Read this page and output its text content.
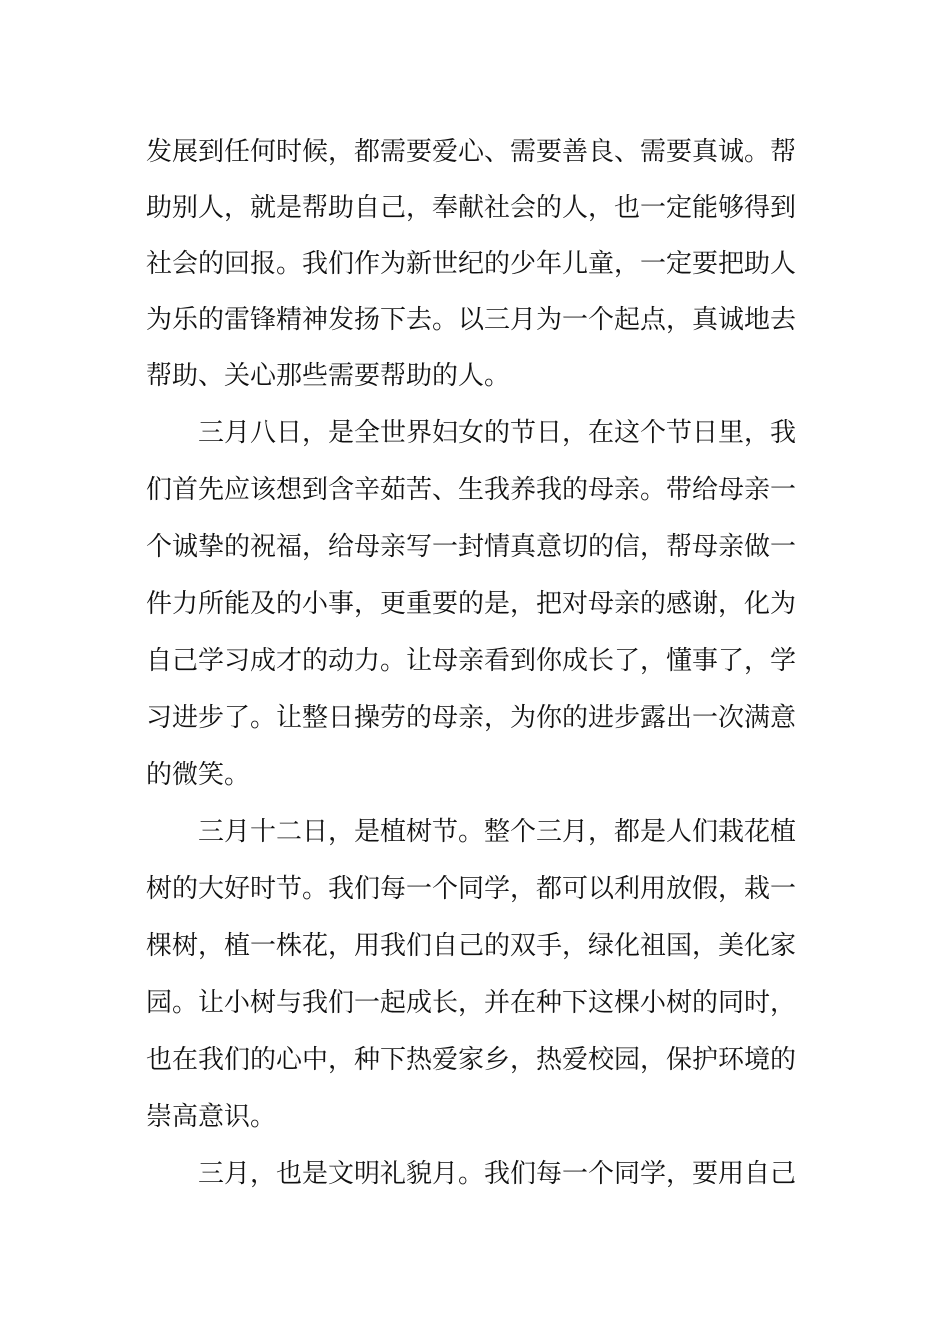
发展到任何时候，都需要爱心、需要善良、需要真诚。帮
助别人，就是帮助自己，奉献社会的人，也一定能够得到
社会的回报。我们作为新世纪的少年儿童，一定要把助人
为乐的雷锋精神发扬下去。以三月为一个起点，真诚地去
帮助、关心那些需要帮助的人。
三月八日，是全世界妇女的节日，在这个节日里，我
们首先应该想到含辛茹苦、生我养我的母亲。带给母亲一
个诚挚的祝福，给母亲写一封情真意切的信，帮母亲做一
件力所能及的小事，更重要的是，把对母亲的感谢，化为
自己学习成才的动力。让母亲看到你成长了，懂事了，学
习进步了。让整日操劳的母亲，为你的进步露出一次满意
的微笑。
三月十二日，是植树节。整个三月，都是人们栽花植
树的大好时节。我们每一个同学，都可以利用放假，栽一
棵树，植一株花，用我们自己的双手，绿化祖国，美化家
园。让小树与我们一起成长，并在种下这棵小树的同时，
也在我们的心中，种下热爱家乡，热爱校园，保护环境的
崇高意识。
三月，也是文明礼貌月。我们每一个同学，要用自己
